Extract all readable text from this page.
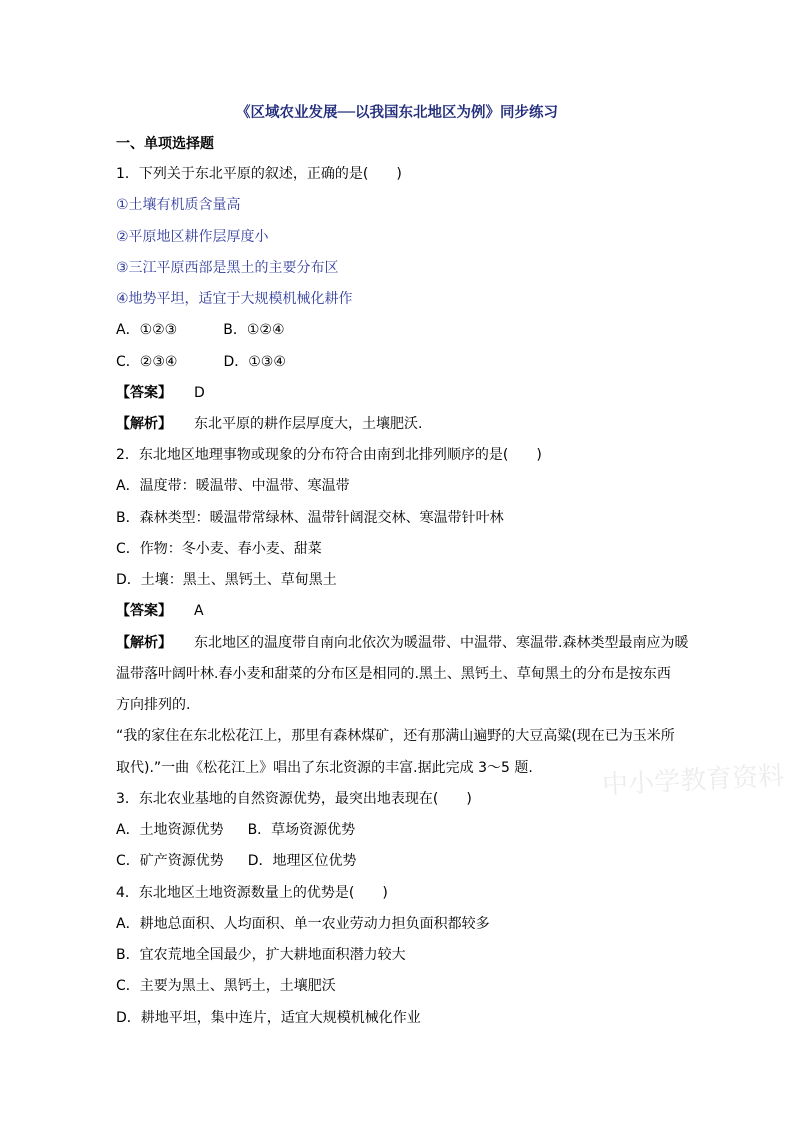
《区域农业发展──以我国东北地区为例》同步练习
一、单项选择题
1．下列关于东北平原的叙述，正确的是(　　)
①土壤有机质含量高
②平原地区耕作层厚度小
③三江平原西部是黑土的主要分布区
④地势平坦，适宜于大规模机械化耕作
A．①②③	B．①②④
C．②③④	D．①③④
【答案】 D
【解析】 东北平原的耕作层厚度大，土壤肥沃.
2．东北地区地理事物或现象的分布符合由南到北排列顺序的是(　　)
A．温度带：暖温带、中温带、寒温带
B．森林类型：暖温带常绿林、温带针阔混交林、寒温带针叶林
C．作物：冬小麦、春小麦、甜菜
D．土壤：黑土、黑钙土、草甸黑土
【答案】 A
【解析】 东北地区的温度带自南向北依次为暖温带、中温带、寒温带.森林类型最南应为暖
温带落叶阔叶林.春小麦和甜菜的分布区是相同的.黑土、黑钙土、草甸黑土的分布是按东西
方向排列的.
“我的家住在东北松花江上，那里有森林煤矿，还有那满山遍野的大豆高粱(现在已为玉米所
取代).”一曲《松花江上》唱出了东北资源的丰富.据此完成 3～5 题.
3．东北农业基地的自然资源优势，最突出地表现在(　　)
A．土地资源优势 B．草场资源优势
C．矿产资源优势 D．地理区位优势
4．东北地区土地资源数量上的优势是(　　)
A．耕地总面积、人均面积、单一农业劳动力担负面积都较多
B．宜农荒地全国最少，扩大耕地面积潜力较大
C．主要为黑土、黑钙土，土壤肥沃
D．耕地平坦，集中连片，适宜大规模机械化作业
中小学教育资料
